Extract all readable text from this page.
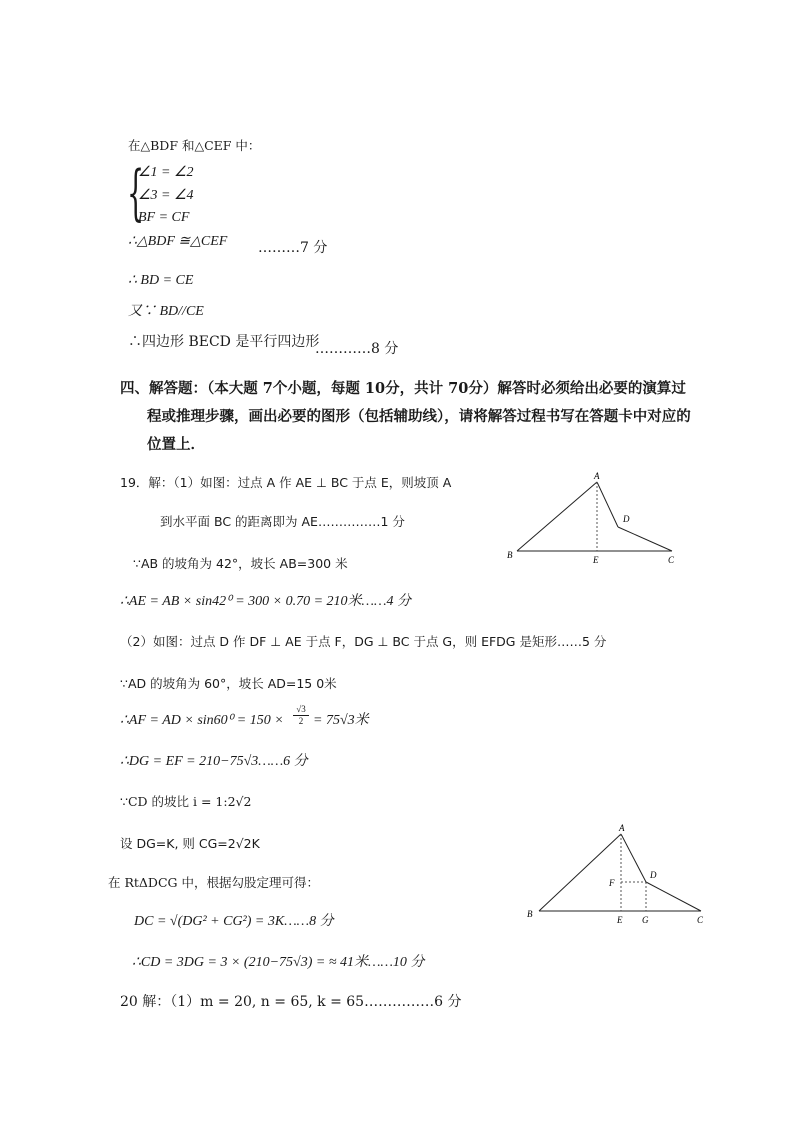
在△BDF 和△CEF 中：
{
∠1 = ∠2
∠3 = ∠4
BF = CF
∴△BDF ≅△CEF ………7 分
∴ BD = CE
又∵ BD//CE
∴四边形 BECD 是平行四边形
…………8 分
四、解答题：（本大题 7个小题，每题 10分，共计 70分）解答时必须给出必要的演算过
程或推理步骤，画出必要的图形（包括辅助线），请将解答过程书写在答题卡中对应的
位置上．
19．解：（1）如图：过点 A 作 AE ⊥ BC 于点 E，则坡顶 A
到水平面 BC 的距离即为 AE……………1 分
∵AB 的坡角为 42°，坡长 AB=300 米
∴AE = AB × sin42⁰ = 300 × 0.70 = 210米……4 分
（2）如图：过点 D 作 DF ⊥ AE 于点 F，DG ⊥ BC 于点 G，则 EFDG 是矩形……5 分
∵AD 的坡角为 60°，坡长 AD=15 0米
∴AF = AD × $\sin 60^0 = 150 \times \frac{√3}{2} = 75√3$米
∴DG = EF = 210−75√3……6 分
∵CD 的坡比 i = 1:2√2
设 DG=K, 则 CG=2√2K
在 RtΔDCG 中，根据勾股定理可得：
DC = √(DG² + CG²) = 3K……8 分
∴CD = 3DG = 3 × (210−75√3) = ≈ 41米……10 分
20 解：（1）m = 20, n = 65, k = 65……………6 分
A
B	C
D
E
A
B
C
D
E
F
G
